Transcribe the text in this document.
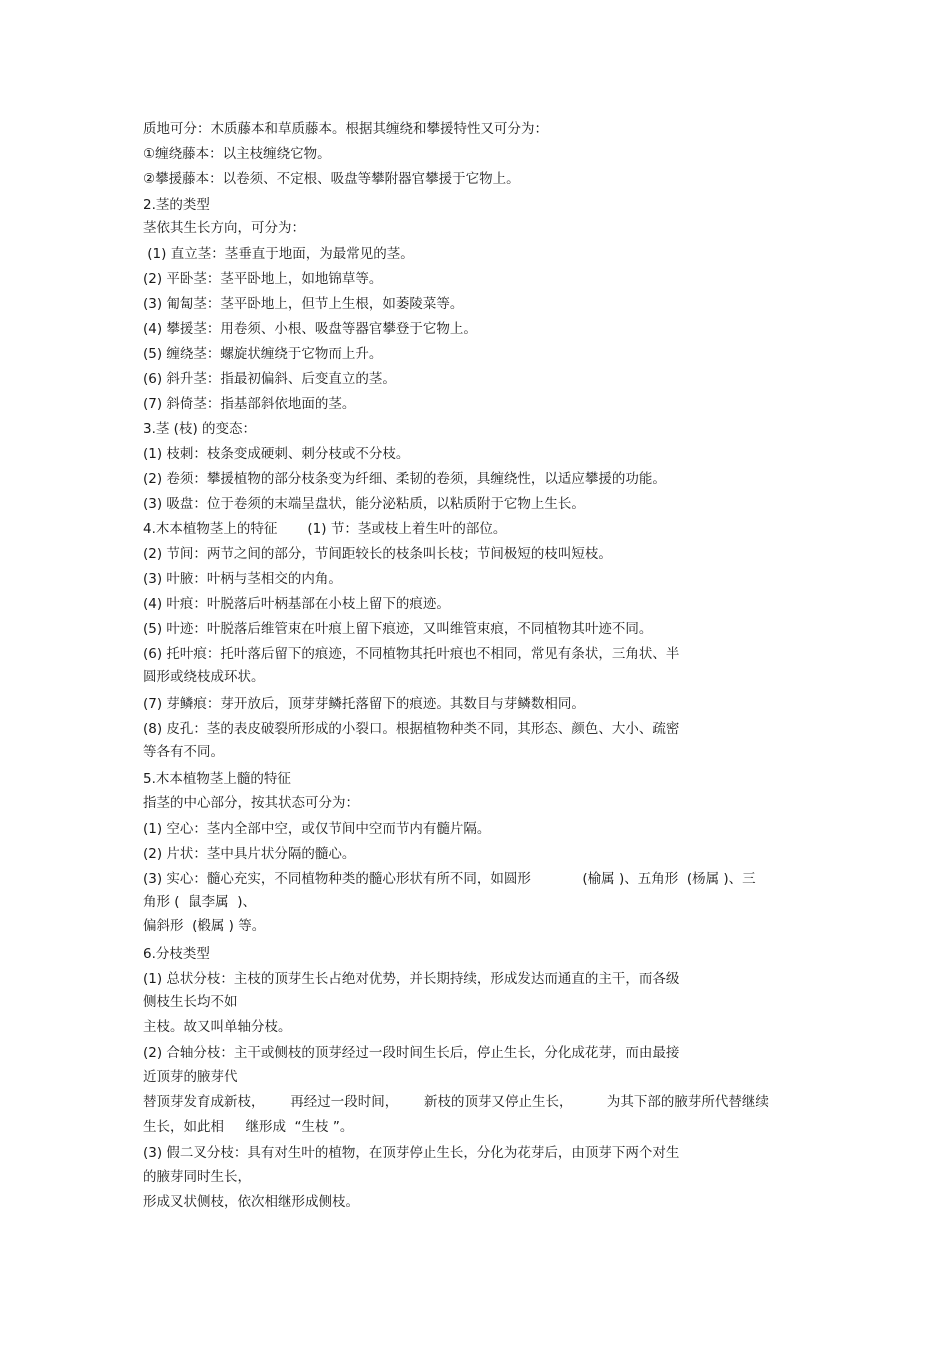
质地可分：木质藤本和草质藤本。根据其缠绕和攀援特性又可分为：
①缠绕藤本：以主枝缠绕它物。
②攀援藤本：以卷须、不定根、吸盘等攀附器官攀援于它物上。
2.茎的类型
茎依其生长方向，可分为：
(1) 直立茎：茎垂直于地面，为最常见的茎。
(2) 平卧茎：茎平卧地上，如地锦草等。
(3) 匍匐茎：茎平卧地上，但节上生根，如萎陵菜等。
(4) 攀援茎：用卷须、小根、吸盘等器官攀登于它物上。
(5) 缠绕茎：螺旋状缠绕于它物而上升。
(6) 斜升茎：指最初偏斜、后变直立的茎。
(7) 斜倚茎：指基部斜依地面的茎。
3.茎 (枝) 的变态：
(1) 枝刺：枝条变成硬刺、刺分枝或不分枝。
(2) 卷须：攀援植物的部分枝条变为纤细、柔韧的卷须，具缠绕性，以适应攀援的功能。
(3) 吸盘：位于卷须的末端呈盘状，能分泌粘质，以粘质附于它物上生长。
4.木本植物茎上的特征       (1) 节：茎或枝上着生叶的部位。
(2) 节间：两节之间的部分，节间距较长的枝条叫长枝；节间极短的枝叫短枝。
(3) 叶腋：叶柄与茎相交的内角。
(4) 叶痕：叶脱落后叶柄基部在小枝上留下的痕迹。
(5) 叶迹：叶脱落后维管束在叶痕上留下痕迹，又叫维管束痕，不同植物其叶迹不同。
(6) 托叶痕：托叶落后留下的痕迹，不同植物其托叶痕也不相同，常见有条状，三角状、半
圆形或绕枝成环状。
(7) 芽鳞痕：芽开放后，顶芽芽鳞托落留下的痕迹。其数目与芽鳞数相同。
(8) 皮孔：茎的表皮破裂所形成的小裂口。根据植物种类不同，其形态、颜色、大小、疏密
等各有不同。
5.木本植物茎上髓的特征
指茎的中心部分，按其状态可分为：
(1) 空心：茎内全部中空，或仅节间中空而节内有髓片隔。
(2) 片状：茎中具片状分隔的髓心。
(3) 实心：髓心充实，不同植物种类的髓心形状有所不同，如圆形            (榆属 )、五角形  (杨属 )、三
角形 (  鼠李属  )、
偏斜形  (椴属 ) 等。
6.分枝类型
(1) 总状分枝：主枝的顶芽生长占绝对优势，并长期持续，形成发达而通直的主干，而各级
侧枝生长均不如
主枝。故又叫单轴分枝。
(2) 合轴分枝：主干或侧枝的顶芽经过一段时间生长后，停止生长，分化成花芽，而由最接
近顶芽的腋芽代
替顶芽发育成新枝，      再经过一段时间，      新枝的顶芽又停止生长，        为其下部的腋芽所代替继续
生长，如此相     继形成  “生枝 ”。
(3) 假二叉分枝：具有对生叶的植物，在顶芽停止生长，分化为花芽后，由顶芽下两个对生
的腋芽同时生长，
形成叉状侧枝，依次相继形成侧枝。
